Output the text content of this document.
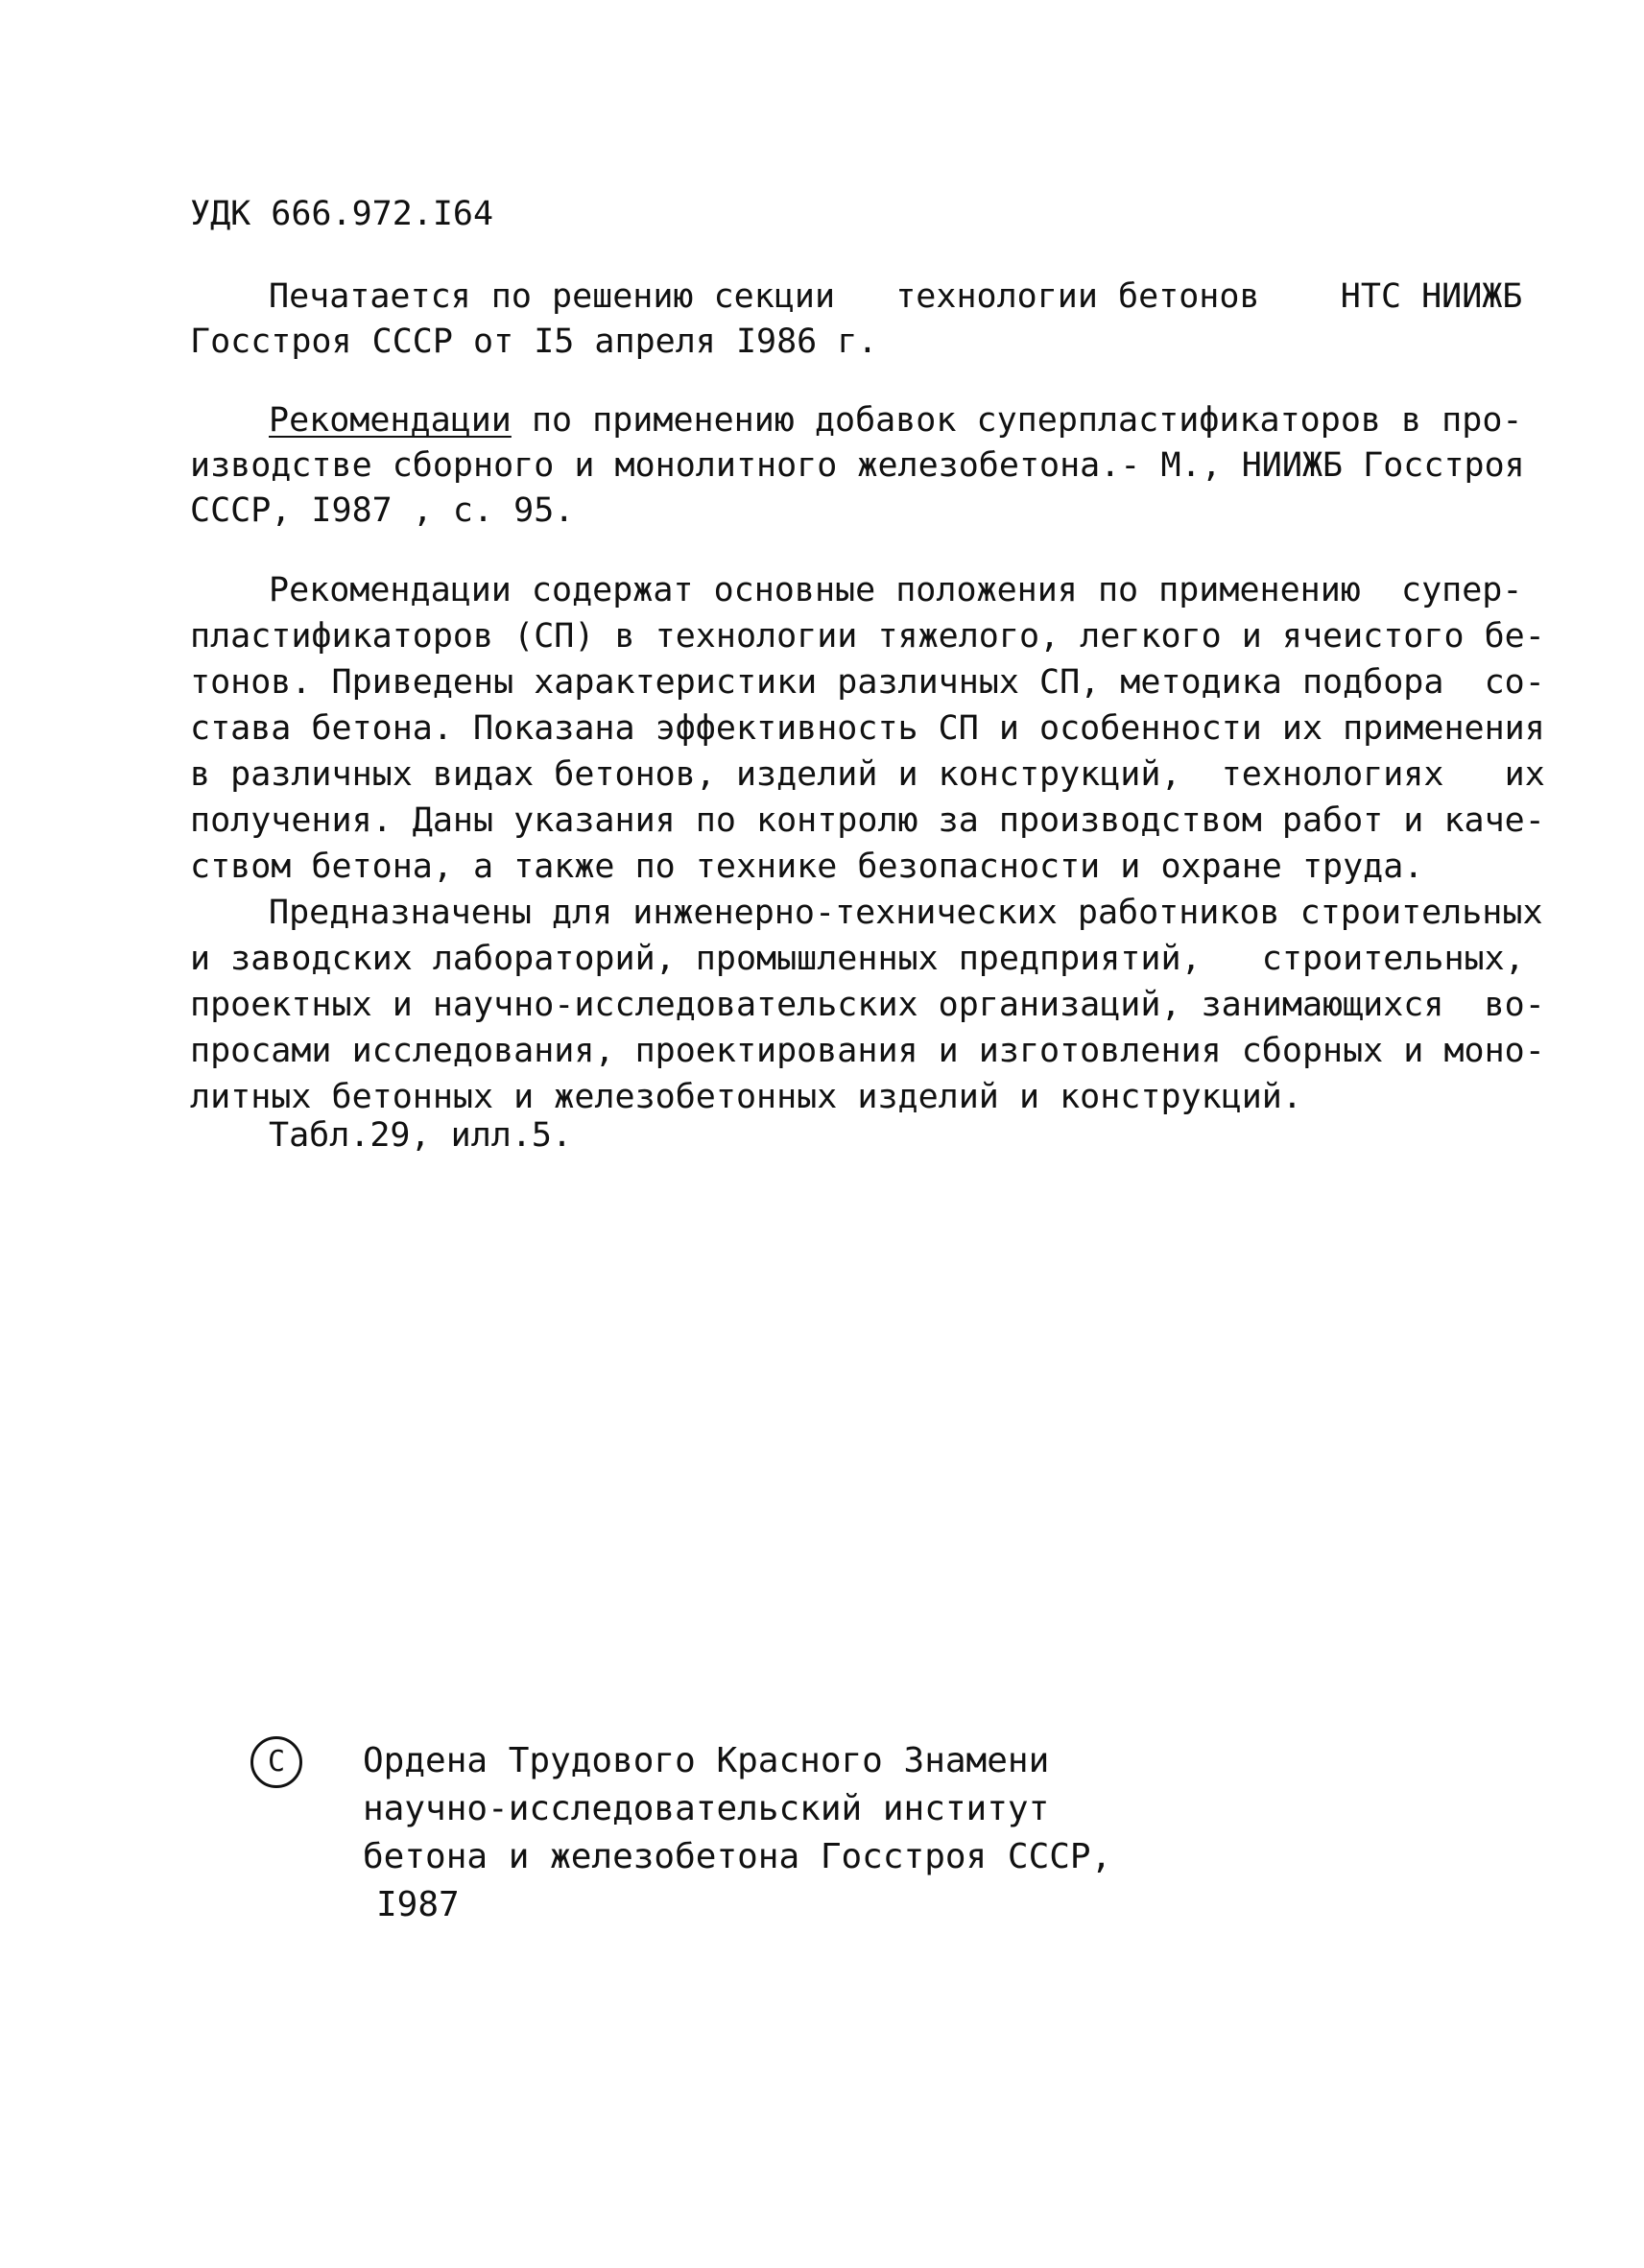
УДК 666.972.I64
Печатается по решению секции   технологии бетонов    НТС НИИЖБ
Госстроя СССР от I5 апреля I986 г.
Рекомендации по применению добавок суперпластификаторов в про-
изводстве сборного и монолитного железобетона.- М., НИИЖБ Госстроя
СССР, I987 , с. 95.
Рекомендации содержат основные положения по применению  супер-
пластификаторов (СП) в технологии тяжелого, легкого и ячеистого бе-
тонов. Приведены характеристики различных СП, методика подбора  со-
става бетона. Показана эффективность СП и особенности их применения
в различных видах бетонов, изделий и конструкций,  технологиях   их
получения. Даны указания по контролю за производством работ и каче-
ством бетона, а также по технике безопасности и охране труда.
Предназначены для инженерно-технических работников строительных
и заводских лабораторий, промышленных предприятий,   строительных,
проектных и научно-исследовательских организаций, занимающихся  во-
просами исследования, проектирования и изготовления сборных и моно-
литных бетонных и железобетонных изделий и конструкций.
Табл.29, илл.5.
C Ордена Трудового Красного Знамени
научно-исследовательский институт
бетона и железобетона Госстроя СССР,
I987
